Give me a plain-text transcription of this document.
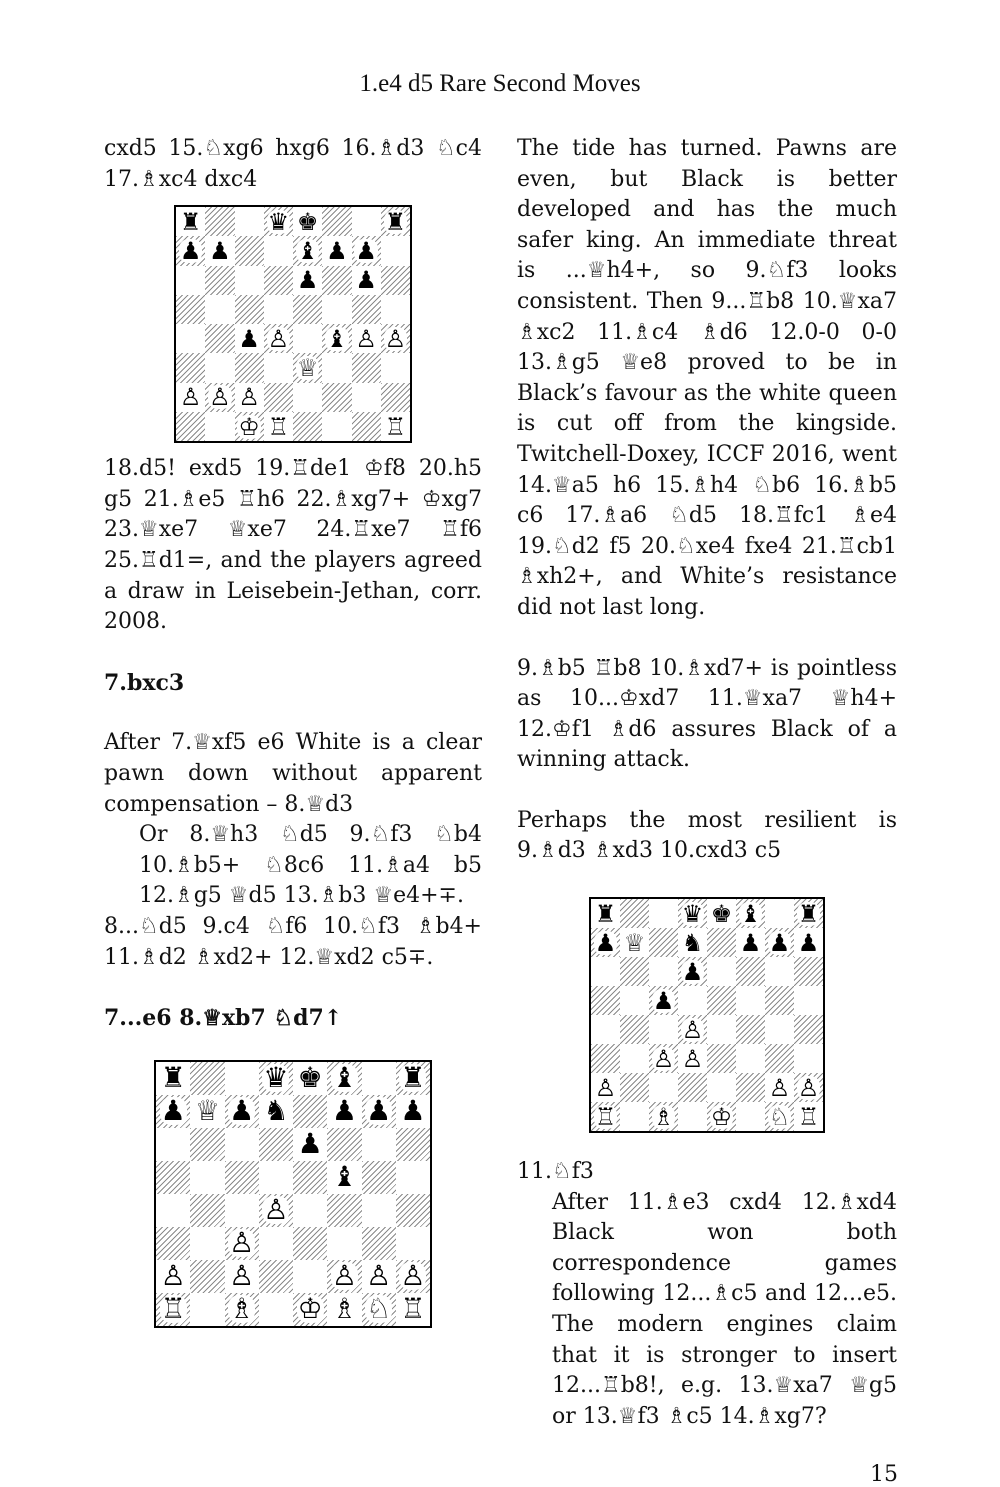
1.e4 d5 Rare Second Moves

cxd5 15.♘xg6 hxg6 16.♗d3 ♘c4 17.♗xc4 dxc4

♜	♛ ♚	♜
♟ ♟	♝ ♟ ♟
♟ ♟
♟ ♙ ♝ ♙ ♙
♕
♙ ♙ ♙
♔ ♖	♖

18.d5! exd5 19.♖de1 ♔f8 20.h5 g5 21.♗e5 ♖h6 22.♗xg7+ ♔xg7 23.♕xe7 ♕xe7 24.♖xe7 ♖f6 25.♖d1=, and the players agreed a draw in Leisebein-Jethan, corr. 2008.

7.bxc3

After 7.♕xf5 e6 White is a clear pawn down without apparent compensation – 8.♕d3

Or 8.♕h3 ♘d5 9.♘f3 ♘b4 10.♗b5+ ♘8c6 11.♗a4 b5 12.♗g5 ♕d5 13.♗b3 ♕e4+∓.

8...♘d5 9.c4 ♘f6 10.♘f3 ♗b4+ 11.♗d2 ♗xd2+ 12.♕xd2 c5∓.

7...e6 8.♕xb7 ♘d7↑

♜	♛ ♚ ♝ ♜
♟ ♕ ♟ ♞ ♟ ♟ ♟
♟
♝
♙
♙
♙ ♙	♙ ♙ ♙
♖ ♗ ♔ ♗ ♘ ♖

The tide has turned. Pawns are even, but Black is better developed and has the much safer king. An immediate threat is ...♕h4+, so 9.♘f3 looks consistent. Then 9...♖b8 10.♕xa7 ♗xc2 11.♗c4 ♗d6 12.0-0 0-0 13.♗g5 ♕e8 proved to be in Black’s favour as the white queen is cut off from the kingside. Twitchell-Doxey, ICCF 2016, went 14.♕a5 h6 15.♗h4 ♘b6 16.♗b5 c6 17.♗a6 ♘d5 18.♖fc1 ♗e4 19.♘d2 f5 20.♘xe4 fxe4 21.♖cb1 ♗xh2+, and White’s resistance did not last long.

9.♗b5 ♖b8 10.♗xd7+ is pointless as 10...♔xd7 11.♕xa7 ♕h4+ 12.♔f1 ♗d6 assures Black of a winning attack.

Perhaps the most resilient is 9.♗d3 ♗xd3 10.cxd3 c5

♜	♛ ♚ ♝ ♜
♟ ♕ ♞ ♟ ♟ ♟
♟
♟
♙
♙ ♙
♙	♙ ♙
♖ ♗ ♔ ♘ ♖

11.♘f3

After 11.♗e3 cxd4 12.♗xd4 Black won both correspondence games following 12...♗c5 and 12...e5. The modern engines claim that it is stronger to insert 12...♖b8!, e.g. 13.♕xa7 ♕g5 or 13.♕f3 ♗c5 14.♗xg7?

15
